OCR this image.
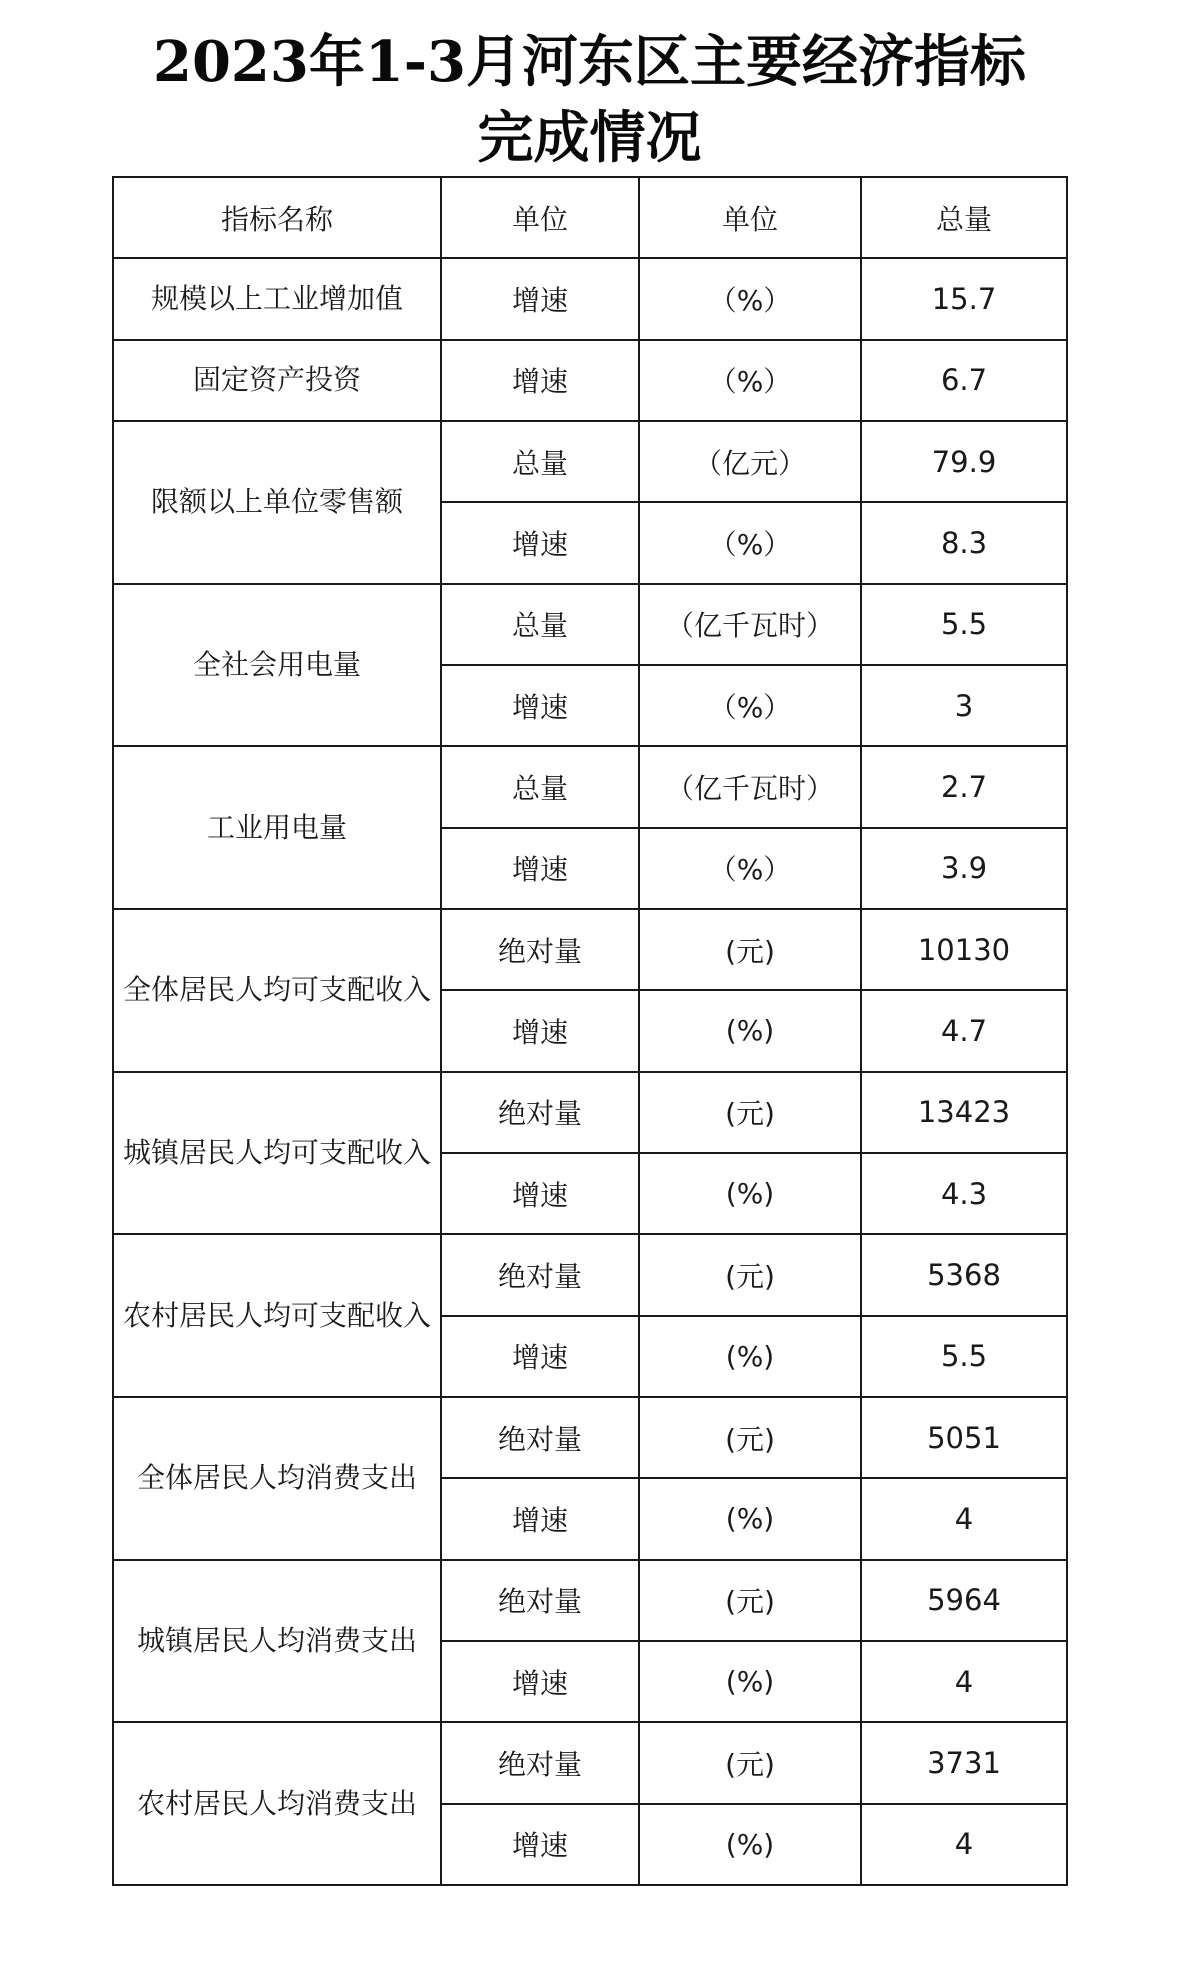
2023年1-3月河东区主要经济指标
完成情况
指标名称	单位	单位	总量
规模以上工业增加值	增速	（%）	15.7
固定资产投资	增速	（%）	6.7
限额以上单位零售额	总量	（亿元）	79.9
	增速	（%）	8.3
全社会用电量	总量	（亿千瓦时）	5.5
	增速	（%）	3
工业用电量	总量	（亿千瓦时）	2.7
	增速	（%）	3.9
全体居民人均可支配收入	绝对量	(元)	10130
	增速	(%)	4.7
城镇居民人均可支配收入	绝对量	(元)	13423
	增速	(%)	4.3
农村居民人均可支配收入	绝对量	(元)	5368
	增速	(%)	5.5
全体居民人均消费支出	绝对量	(元)	5051
	增速	(%)	4
城镇居民人均消费支出	绝对量	(元)	5964
	增速	(%)	4
农村居民人均消费支出	绝对量	(元)	3731
	增速	(%)	4
